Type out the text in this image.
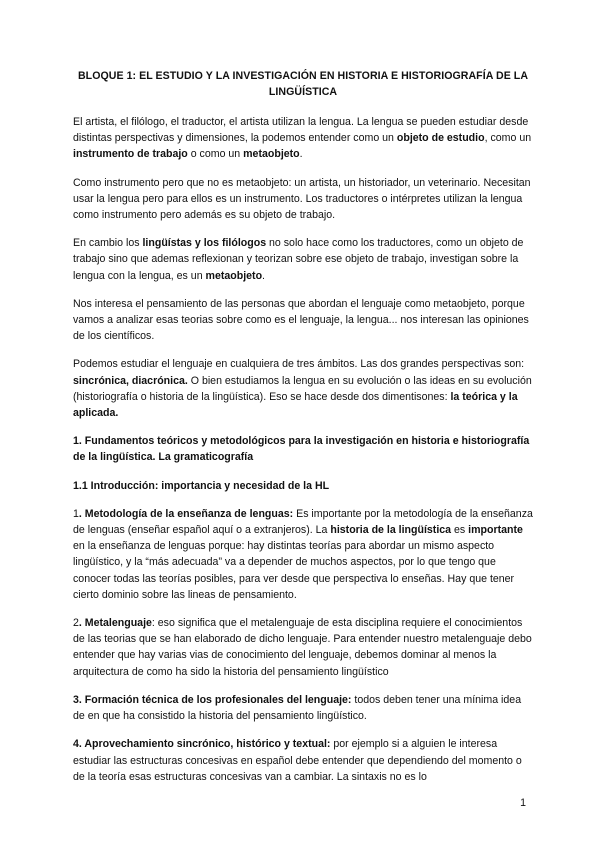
BLOQUE 1: EL ESTUDIO Y LA INVESTIGACIÓN EN HISTORIA E HISTORIOGRAFÍA DE LA LINGÜÍSTICA

El artista, el filólogo, el traductor, el artista utilizan la lengua. La lengua se pueden estudiar desde distintas perspectivas y dimensiones, la podemos entender como un objeto de estudio, como un instrumento de trabajo o como un metaobjeto.

Como instrumento pero que no es metaobjeto: un artista, un historiador, un veterinario. Necesitan usar la lengua pero para ellos es un instrumento. Los traductores o intérpretes utilizan la lengua como instrumento pero además es su objeto de trabajo.

En cambio los lingüístas y los filólogos no solo hace como los traductores, como un objeto de trabajo sino que ademas reflexionan y teorizan sobre ese objeto de trabajo, investigan sobre la lengua con la lengua, es un metaobjeto.

Nos interesa el pensamiento de las personas que abordan el lenguaje como metaobjeto, porque vamos a analizar esas teorias sobre como es el lenguaje, la lengua... nos interesan las opiniones de los científicos.

Podemos estudiar el lenguaje en cualquiera de tres ámbitos. Las dos grandes perspectivas son: sincrónica, diacrónica. O bien estudiamos la lengua en su evolución o las ideas en su evolución (historiografía o historia de la lingüística). Eso se hace desde dos dimentisones: la teórica y la aplicada.

1. Fundamentos teóricos y metodológicos para la investigación en historia e historiografía de la lingüística. La gramaticografía

1.1 Introducción: importancia y necesidad de la HL

1. Metodología de la enseñanza de lenguas: Es importante por la metodología de la enseñanza de lenguas (enseñar español aquí o a extranjeros). La historia de la lingüística es importante en la enseñanza de lenguas porque: hay distintas teorías para abordar un mismo aspecto lingüístico, y la “más adecuada” va a depender de muchos aspectos, por lo que tengo que conocer todas las teorías posibles, para ver desde que perspectiva lo enseñas. Hay que tener cierto dominio sobre las lineas de pensamiento.

2. Metalenguaje: eso significa que el metalenguaje de esta disciplina requiere el conocimientos de las teorias que se han elaborado de dicho lenguaje. Para entender nuestro metalenguaje debo entender que hay varias vias de conocimiento del lenguaje, debemos dominar al menos la arquitectura de como ha sido la historia del pensamiento lingüístico

3. Formación técnica de los profesionales del lenguaje: todos deben tener una mínima idea de en que ha consistido la historia del pensamiento lingüístico.

4. Aprovechamiento sincrónico, histórico y textual: por ejemplo si a alguien le interesa estudiar las estructuras concesivas en español debe entender que dependiendo del momento o de la teoría esas estructuras concesivas van a cambiar. La sintaxis no es lo

1
